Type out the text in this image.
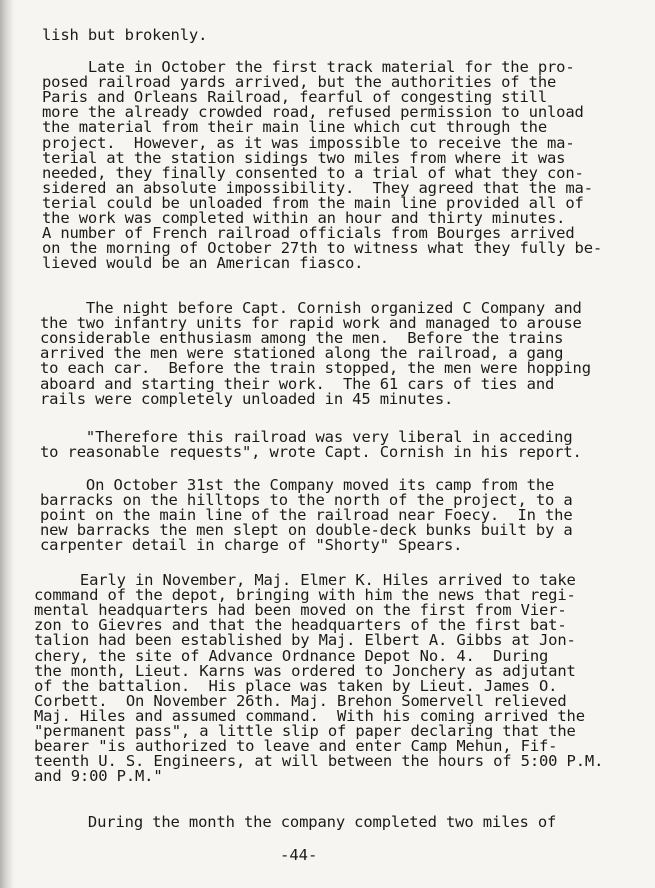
lish but brokenly.
Late in October the first track material for the pro-
posed railroad yards arrived, but the authorities of the
Paris and Orleans Railroad, fearful of congesting still
more the already crowded road, refused permission to unload
the material from their main line which cut through the
project.  However, as it was impossible to receive the ma-
terial at the station sidings two miles from where it was
needed, they finally consented to a trial of what they con-
sidered an absolute impossibility.  They agreed that the ma-
terial could be unloaded from the main line provided all of
the work was completed within an hour and thirty minutes.
A number of French railroad officials from Bourges arrived
on the morning of October 27th to witness what they fully be-
lieved would be an American fiasco.
The night before Capt. Cornish organized C Company and
the two infantry units for rapid work and managed to arouse
considerable enthusiasm among the men.  Before the trains
arrived the men were stationed along the railroad, a gang
to each car.  Before the train stopped, the men were hopping
aboard and starting their work.  The 61 cars of ties and
rails were completely unloaded in 45 minutes.
"Therefore this railroad was very liberal in acceding
to reasonable requests", wrote Capt. Cornish in his report.
On October 31st the Company moved its camp from the
barracks on the hilltops to the north of the project, to a
point on the main line of the railroad near Foecy.  In the
new barracks the men slept on double-deck bunks built by a
carpenter detail in charge of "Shorty" Spears.
Early in November, Maj. Elmer K. Hiles arrived to take
command of the depot, bringing with him the news that regi-
mental headquarters had been moved on the first from Vier-
zon to Gievres and that the headquarters of the first bat-
talion had been established by Maj. Elbert A. Gibbs at Jon-
chery, the site of Advance Ordnance Depot No. 4.  During
the month, Lieut. Karns was ordered to Jonchery as adjutant
of the battalion.  His place was taken by Lieut. James O.
Corbett.  On November 26th. Maj. Brehon Somervell relieved
Maj. Hiles and assumed command.  With his coming arrived the
"permanent pass", a little slip of paper declaring that the
bearer "is authorized to leave and enter Camp Mehun, Fif-
teenth U. S. Engineers, at will between the hours of 5:00 P.M.
and 9:00 P.M."
During the month the company completed two miles of
-44-
